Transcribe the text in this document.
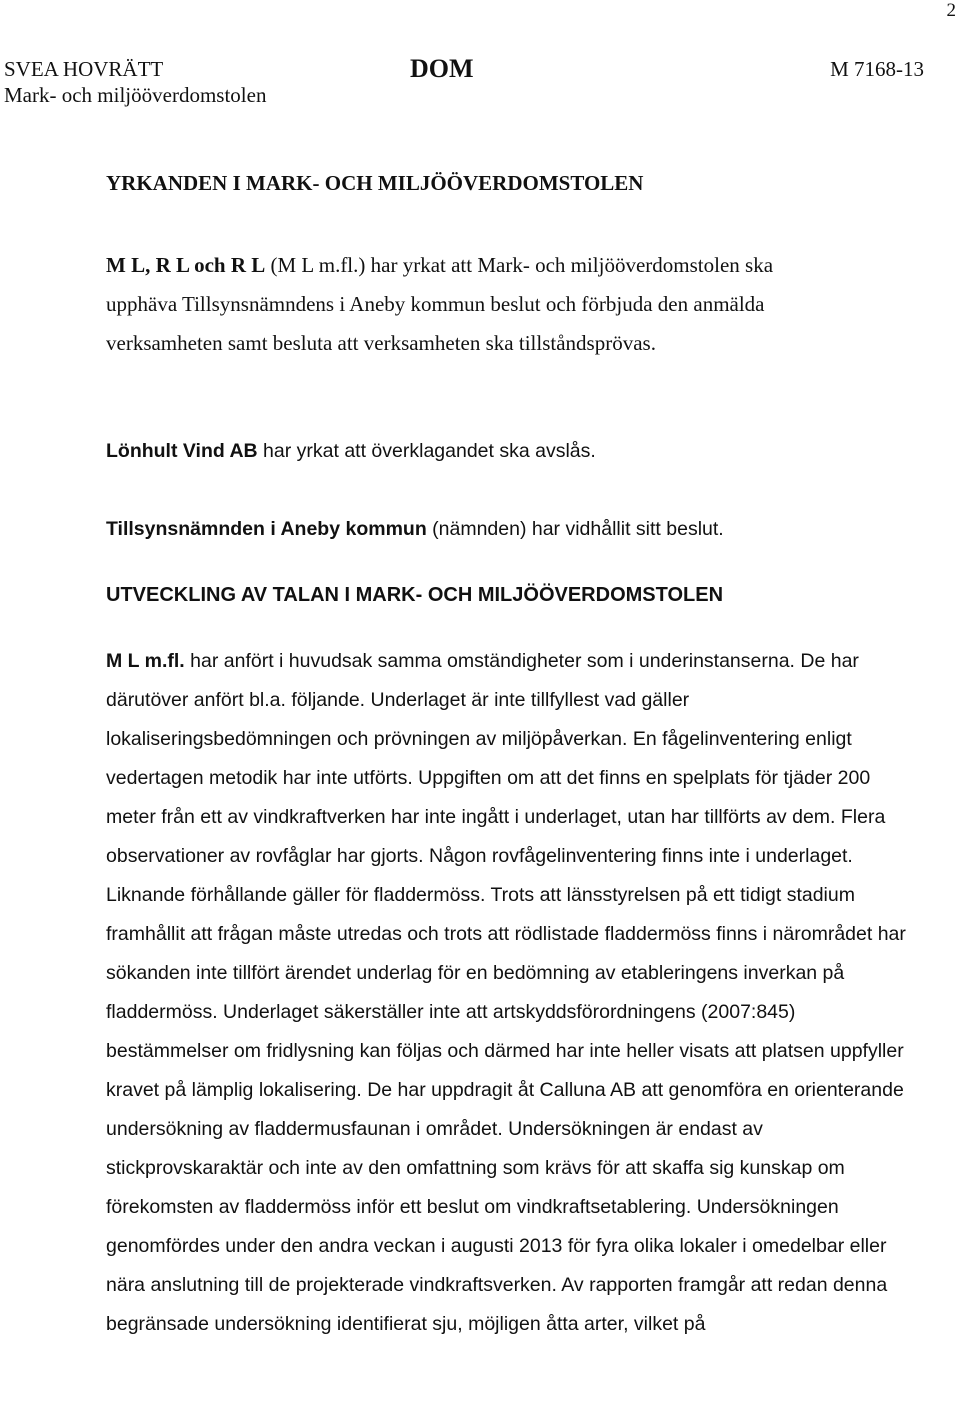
2
SVEA HOVRÄTT
Mark- och miljööverdomstolen
DOM	M 7168-13
YRKANDEN I MARK- OCH MILJÖÖVERDOMSTOLEN

M L, R L och R L (M L m.fl.) har yrkat att Mark- och miljööverdomstolen ska upphäva Tillsynsnämndens i Aneby kommun beslut och förbjuda den anmälda verksamheten samt besluta att verksamheten ska tillståndsprövas.

Lönhult Vind AB har yrkat att överklagandet ska avslås.

Tillsynsnämnden i Aneby kommun (nämnden) har vidhållit sitt beslut.

UTVECKLING AV TALAN I MARK- OCH MILJÖÖVERDOMSTOLEN

M L m.fl. har anfört i huvudsak samma omständigheter som i underinstanserna. De har därutöver anfört bl.a. följande. Underlaget är inte tillfyllest vad gäller lokaliseringsbedömningen och prövningen av miljöpåverkan. En fågelinventering enligt vedertagen metodik har inte utförts. Uppgiften om att det finns en spelplats för tjäder 200 meter från ett av vindkraftverken har inte ingått i underlaget, utan har tillförts av dem. Flera observationer av rovfåglar har gjorts. Någon rovfågelinventering finns inte i underlaget. Liknande förhållande gäller för fladdermöss. Trots att länsstyrelsen på ett tidigt stadium framhållit att frågan måste utredas och trots att rödlistade fladdermöss finns i närområdet har sökanden inte tillfört ärendet underlag för en bedömning av etableringens inverkan på fladdermöss. Underlaget säkerställer inte att artskyddsförordningens (2007:845) bestämmelser om fridlysning kan följas och därmed har inte heller visats att platsen uppfyller kravet på lämplig lokalisering. De har uppdragit åt Calluna AB att genomföra en orienterande undersökning av fladdermusfaunan i området. Undersökningen är endast av stickprovskaraktär och inte av den omfattning som krävs för att skaffa sig kunskap om förekomsten av fladdermöss inför ett beslut om vindkraftsetablering. Undersökningen genomfördes under den andra veckan i augusti 2013 för fyra olika lokaler i omedelbar eller nära anslutning till de projekterade vindkraftsverken. Av rapporten framgår att redan denna begränsade undersökning identifierat sju, möjligen åtta arter, vilket på
